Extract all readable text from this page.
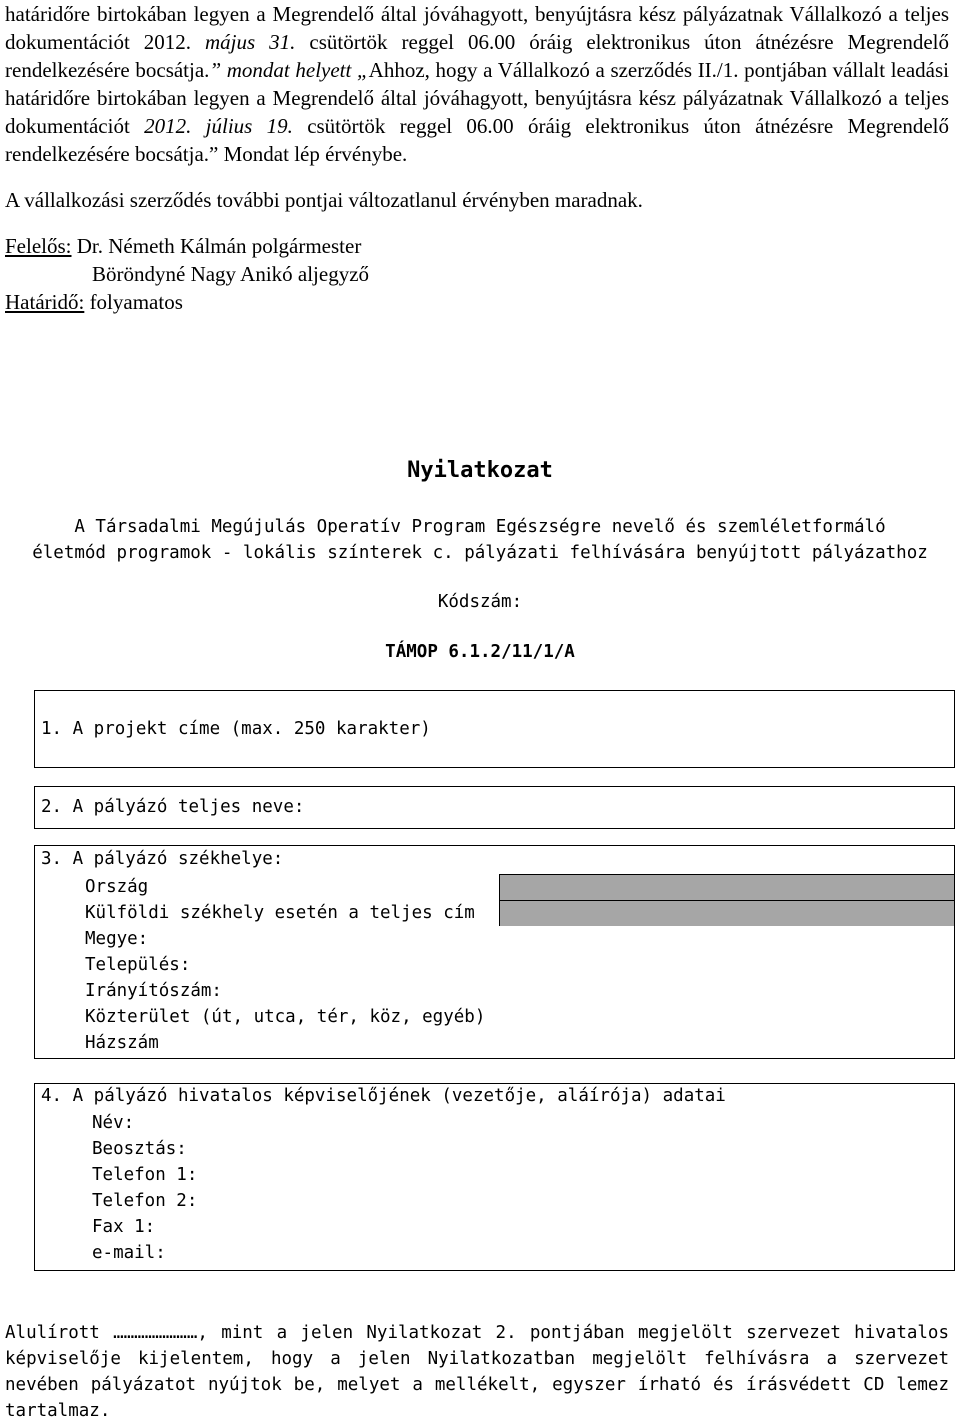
határidőre birtokában legyen a Megrendelő által jóváhagyott, benyújtásra kész pályázatnak Vállalkozó a teljes dokumentációt 2012. május 31. csütörtök reggel 06.00 óráig elektronikus úton átnézésre Megrendelő rendelkezésére bocsátja.” mondat helyett „Ahhoz, hogy a Vállalkozó a szerződés II./1. pontjában vállalt leadási határidőre birtokában legyen a Megrendelő által jóváhagyott, benyújtásra kész pályázatnak Vállalkozó a teljes dokumentációt 2012. július 19. csütörtök reggel 06.00 óráig elektronikus úton átnézésre Megrendelő rendelkezésére bocsátja.” Mondat lép érvénybe.

A vállalkozási szerződés további pontjai változatlanul érvényben maradnak.

Felelős: Dr. Németh Kálmán polgármester

Böröndyné Nagy Anikó aljegyző

Határidő: folyamatos

Nyilatkozat
A Társadalmi Megújulás Operatív Program Egészségre nevelő és szemléletformáló
életmód programok - lokális színterek c. pályázati felhívására benyújtott pályázathoz
Kódszám:
TÁMOP 6.1.2/11/1/A
1. A projekt címe (max. 250 karakter)
2. A pályázó teljes neve:
3. A pályázó székhelye:
Ország
Külföldi székhely esetén a teljes cím
Megye:
Település:
Irányítószám:
Közterület (út, utca, tér, köz, egyéb)
Házszám
4. A pályázó hivatalos képviselőjének (vezetője, aláírója) adatai
Név:
Beosztás:
Telefon 1:
Telefon 2:
Fax 1:
e-mail:
Alulírott ……………………, mint a jelen Nyilatkozat 2. pontjában megjelölt szervezet hivatalos képviselője kijelentem, hogy a jelen Nyilatkozatban megjelölt felhívásra a szervezet nevében pályázatot nyújtok be, melyet a mellékelt, egyszer írható és írásvédett CD lemez tartalmaz.
